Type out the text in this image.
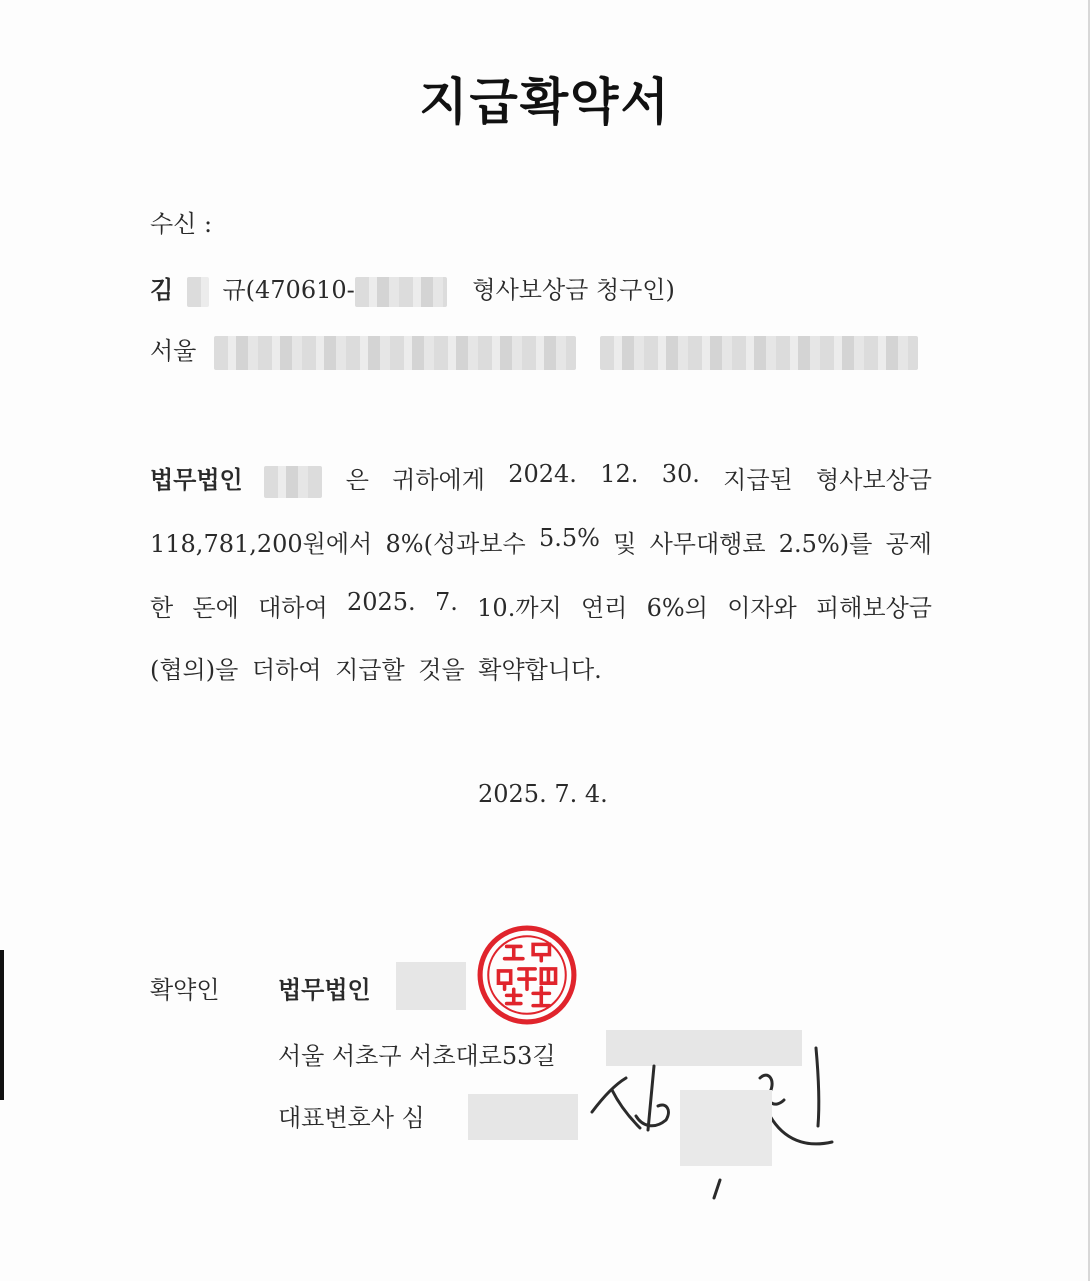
지급확약서
수신 :
김 규(470610-	형사보상금 청구인)
서울
법무법인	은 귀하에게 2024. 12. 30. 지급된 형사보상금
118,781,200원에서 8%(성과보수 5.5% 및 사무대행료 2.5%)를 공제
한 돈에 대하여 2025. 7. 10.까지 연리 6%의 이자와 피해보상금
(협의)을 더하여 지급할 것을 확약합니다.
2025. 7. 4.
확약인 법무법인
서울 서초구 서초대로53길
대표변호사 심
